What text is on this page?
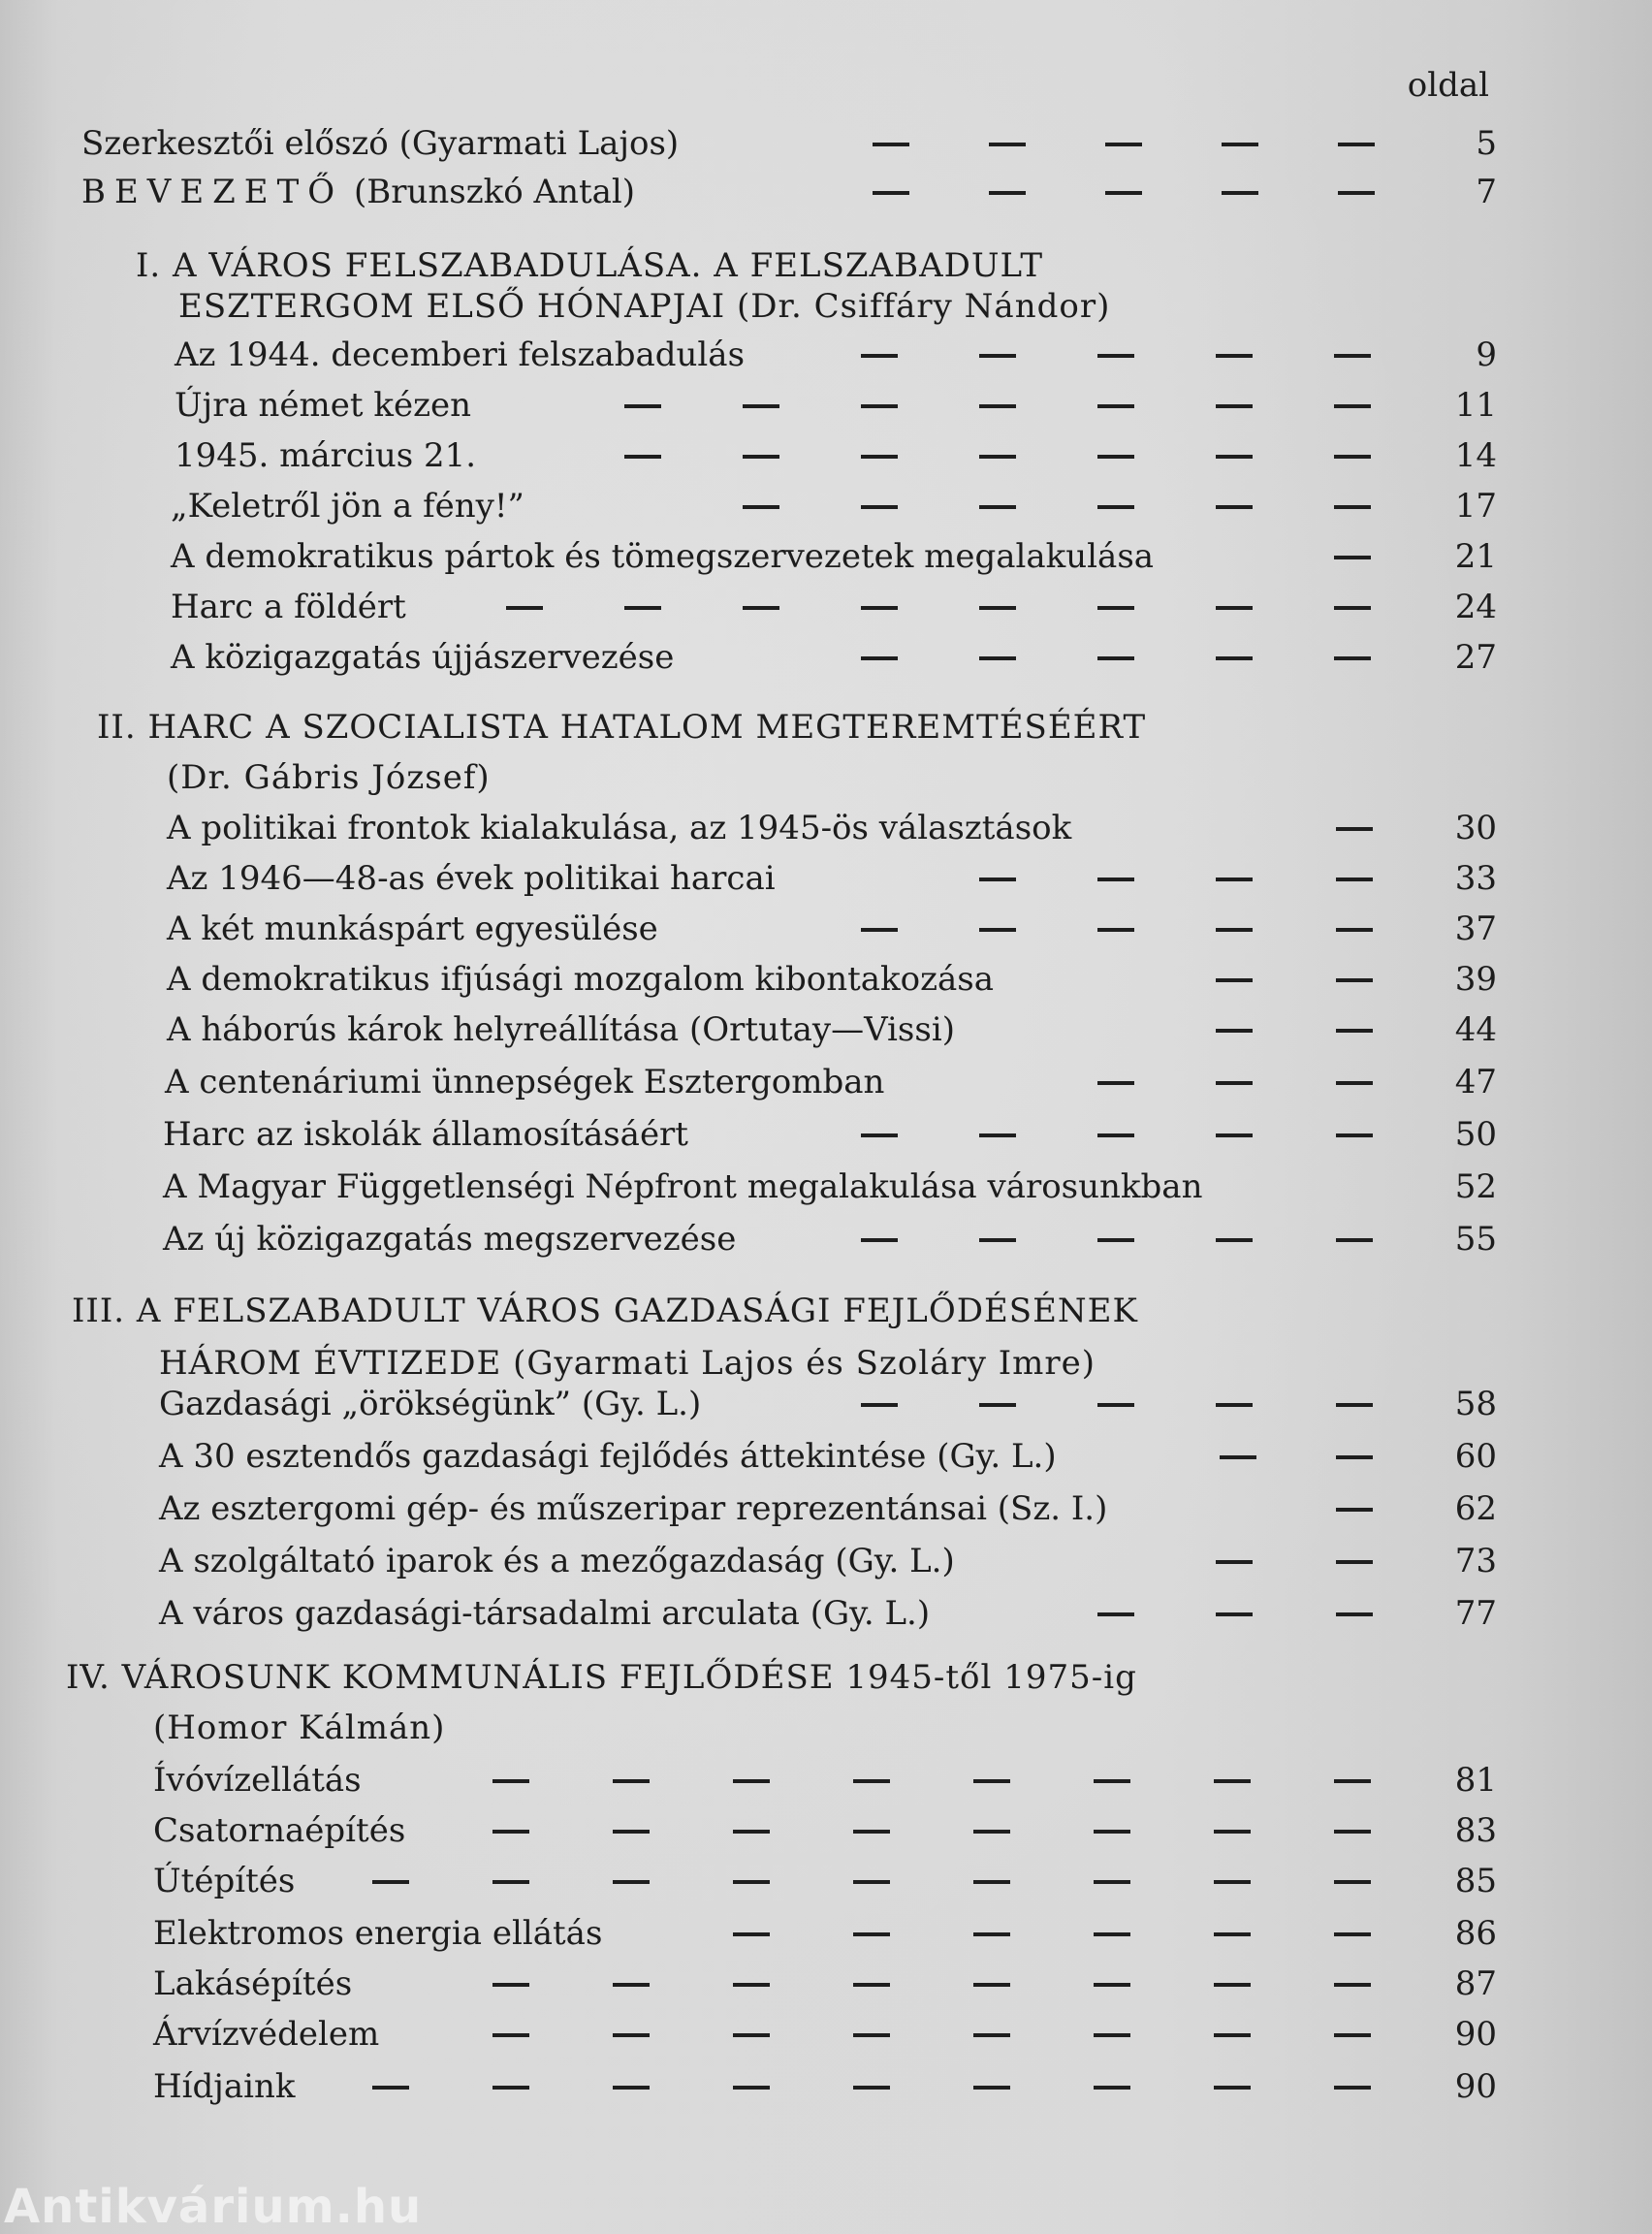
oldal
Szerkesztői előszó (Gyarmati Lajos)	5
BEVEZETŐ (Brunszkó Antal)	7
I. A VÁROS FELSZABADULÁSA. A FELSZABADULT
ESZTERGOM ELSŐ HÓNAPJAI (Dr. Csiffáry Nándor)
Az 1944. decemberi felszabadulás	9
Újra német kézen	11
1945. március 21.	14
„Keletről jön a fény!”	17
A demokratikus pártok és tömegszervezetek megalakulása	21
Harc a földért	24
A közigazgatás újjászervezése	27
II. HARC A SZOCIALISTA HATALOM MEGTEREMTÉSÉÉRT
(Dr. Gábris József)
A politikai frontok kialakulása, az 1945-ös választások	30
Az 1946—48-as évek politikai harcai	33
A két munkáspárt egyesülése	37
A demokratikus ifjúsági mozgalom kibontakozása	39
A háborús károk helyreállítása (Ortutay—Vissi)	44
A centenáriumi ünnepségek Esztergomban	47
Harc az iskolák államosításáért	50
A Magyar Függetlenségi Népfront megalakulása városunkban	52
Az új közigazgatás megszervezése	55
III. A FELSZABADULT VÁROS GAZDASÁGI FEJLŐDÉSÉNEK
HÁROM ÉVTIZEDE (Gyarmati Lajos és Szoláry Imre)
Gazdasági „örökségünk” (Gy. L.)	58
A 30 esztendős gazdasági fejlődés áttekintése (Gy. L.)	60
Az esztergomi gép- és műszeripar reprezentánsai (Sz. I.)	62
A szolgáltató iparok és a mezőgazdaság (Gy. L.)	73
A város gazdasági-társadalmi arculata (Gy. L.)	77
IV. VÁROSUNK KOMMUNÁLIS FEJLŐDÉSE 1945-től 1975-ig
(Homor Kálmán)
Ívóvízellátás	81
Csatornaépítés	83
Útépítés	85
Elektromos energia ellátás	86
Lakásépítés	87
Árvízvédelem	90
Hídjaink	90
Antikvárium.hu
